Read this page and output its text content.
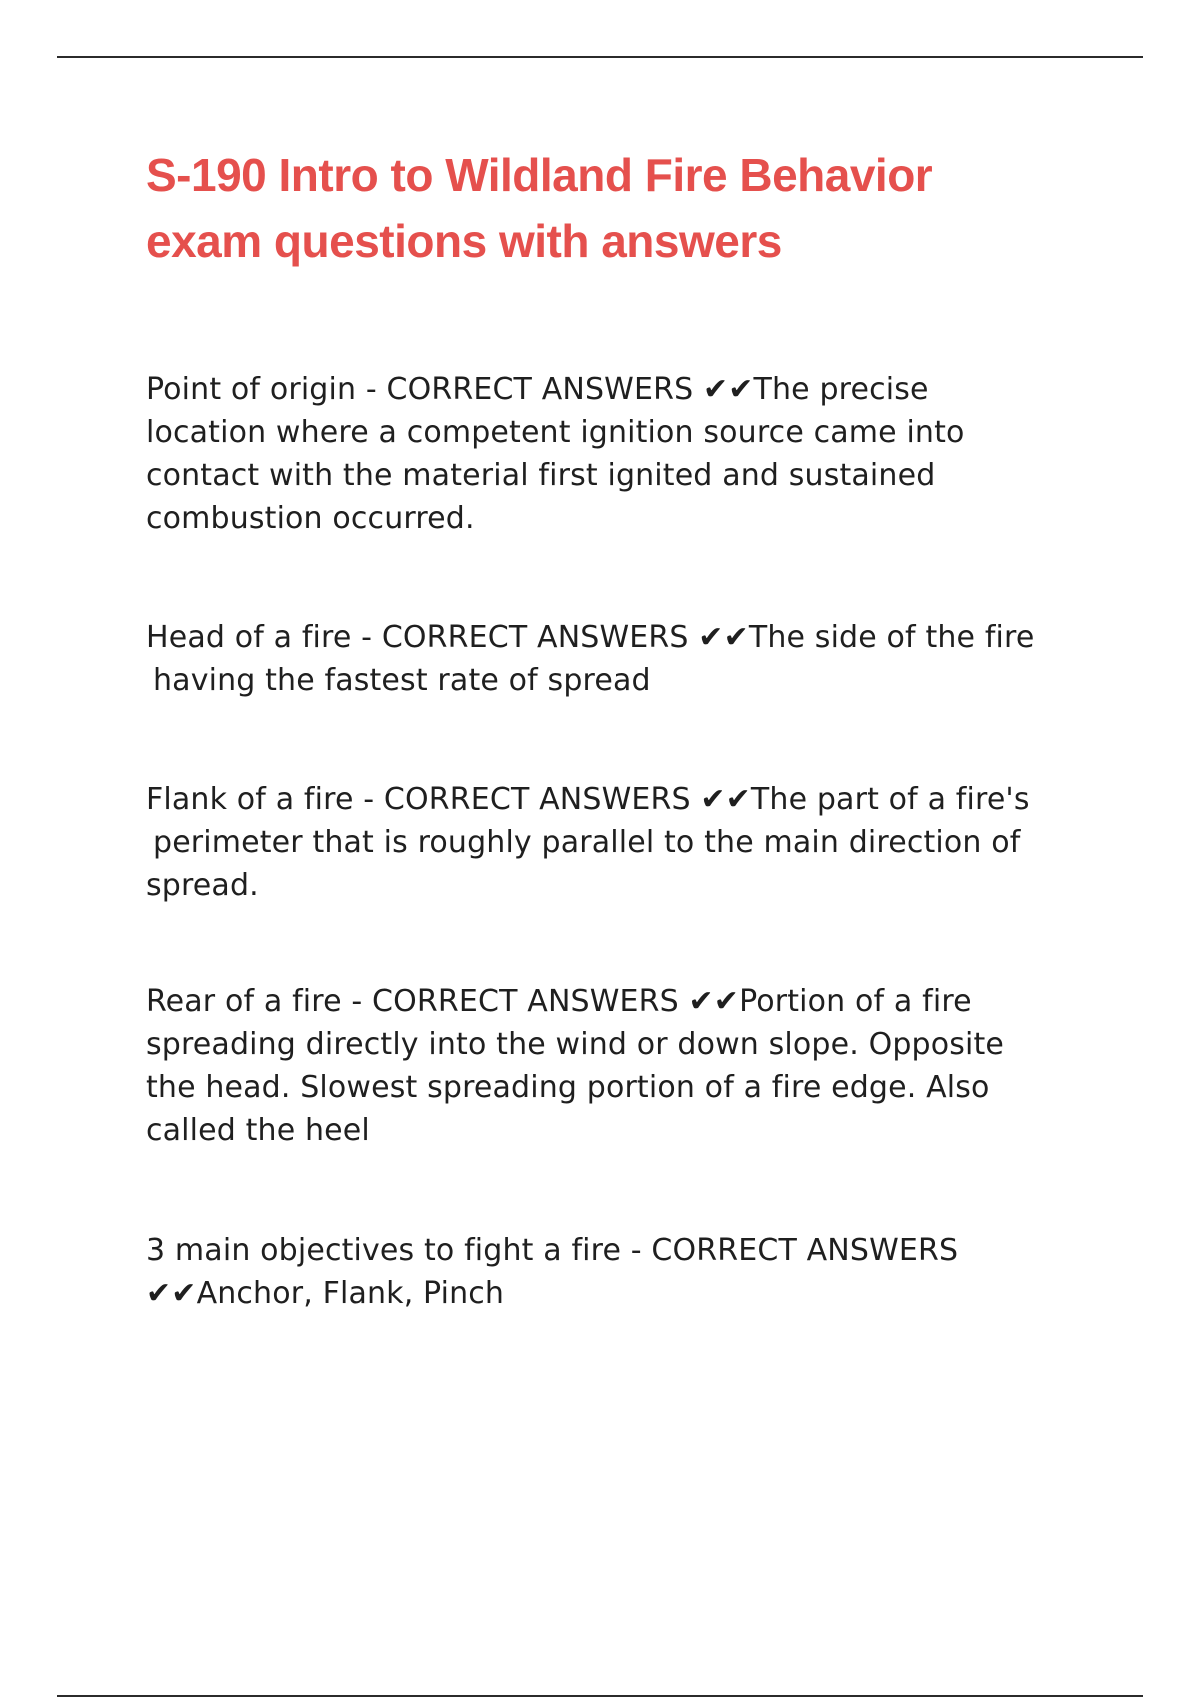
S-190 Intro to Wildland Fire Behavior
exam questions with answers
Point of origin - CORRECT ANSWERS ✔✔The precise
location where a competent ignition source came into
contact with the material first ignited and sustained
combustion occurred.
Head of a fire - CORRECT ANSWERS ✔✔The side of the fire
having the fastest rate of spread
Flank of a fire - CORRECT ANSWERS ✔✔The part of a fire's
perimeter that is roughly parallel to the main direction of
spread.
Rear of a fire - CORRECT ANSWERS ✔✔Portion of a fire
spreading directly into the wind or down slope. Opposite
the head. Slowest spreading portion of a fire edge. Also
called the heel
3 main objectives to fight a fire - CORRECT ANSWERS
✔✔Anchor, Flank, Pinch
